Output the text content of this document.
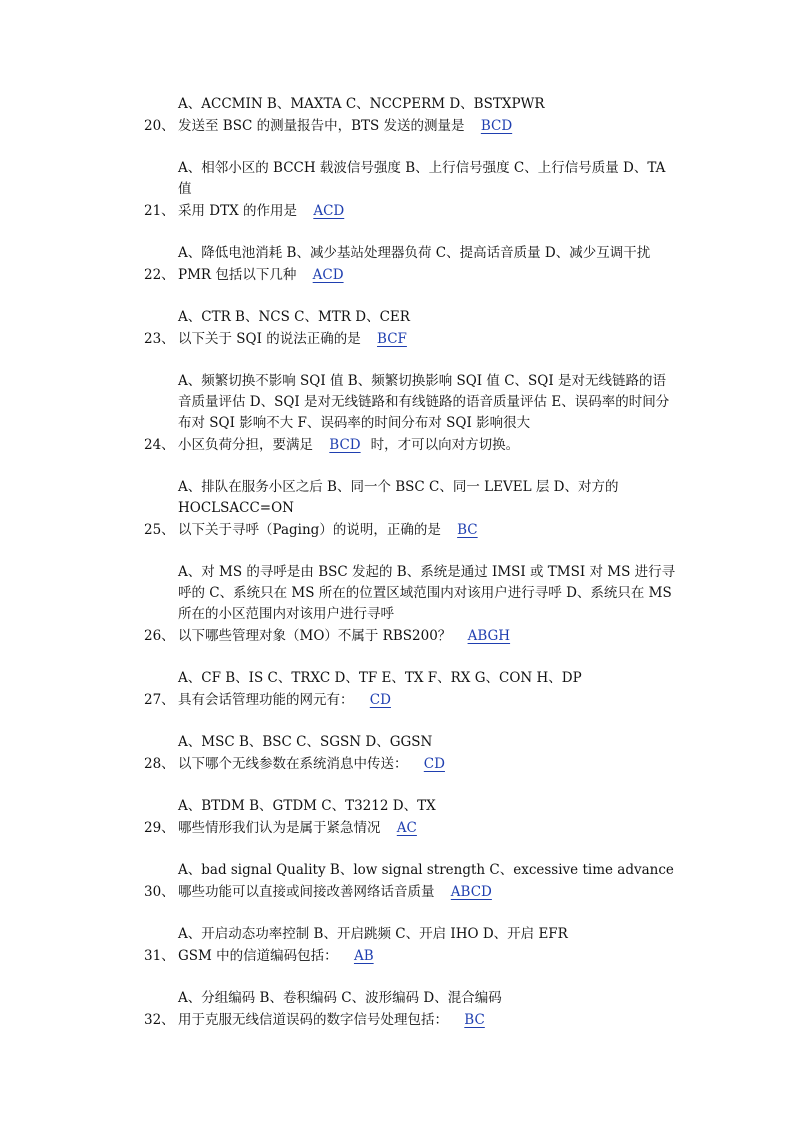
A、ACCMIN B、MAXTA C、NCCPERM D、BSTXPWR
20、 发送至 BSC 的测量报告中，BTS 发送的测量是 BCD
A、相邻小区的 BCCH 载波信号强度 B、上行信号强度 C、上行信号质量 D、TA 值
21、 采用 DTX 的作用是 ACD
A、降低电池消耗 B、减少基站处理器负荷 C、提高话音质量 D、减少互调干扰
22、 PMR 包括以下几种 ACD
A、CTR B、NCS C、MTR D、CER
23、 以下关于 SQI 的说法正确的是 BCF
A、频繁切换不影响 SQI 值 B、频繁切换影响 SQI 值 C、SQI 是对无线链路的语音质量评估 D、SQI 是对无线链路和有线链路的语音质量评估 E、误码率的时间分布对 SQI 影响不大 F、误码率的时间分布对 SQI 影响很大
24、 小区负荷分担，要满足 BCD 时，才可以向对方切换。
A、排队在服务小区之后 B、同一个 BSC C、同一 LEVEL 层 D、对方的 HOCLSACC=ON
25、 以下关于寻呼（Paging）的说明，正确的是 BC
A、对 MS 的寻呼是由 BSC 发起的 B、系统是通过 IMSI 或 TMSI 对 MS 进行寻呼的 C、系统只在 MS 所在的位置区域范围内对该用户进行寻呼 D、系统只在 MS 所在的小区范围内对该用户进行寻呼
26、 以下哪些管理对象（MO）不属于 RBS200？ ABGH
A、CF B、IS C、TRXC D、TF E、TX F、RX G、CON H、DP
27、 具有会话管理功能的网元有： CD
A、MSC B、BSC C、SGSN D、GGSN
28、 以下哪个无线参数在系统消息中传送： CD
A、BTDM B、GTDM C、T3212 D、TX
29、 哪些情形我们认为是属于紧急情况 AC
A、bad signal Quality B、low signal strength C、excessive time advance
30、 哪些功能可以直接或间接改善网络话音质量 ABCD
A、开启动态功率控制 B、开启跳频 C、开启 IHO D、开启 EFR
31、 GSM 中的信道编码包括： AB
A、分组编码 B、卷积编码 C、波形编码 D、混合编码
32、 用于克服无线信道误码的数字信号处理包括： BC
